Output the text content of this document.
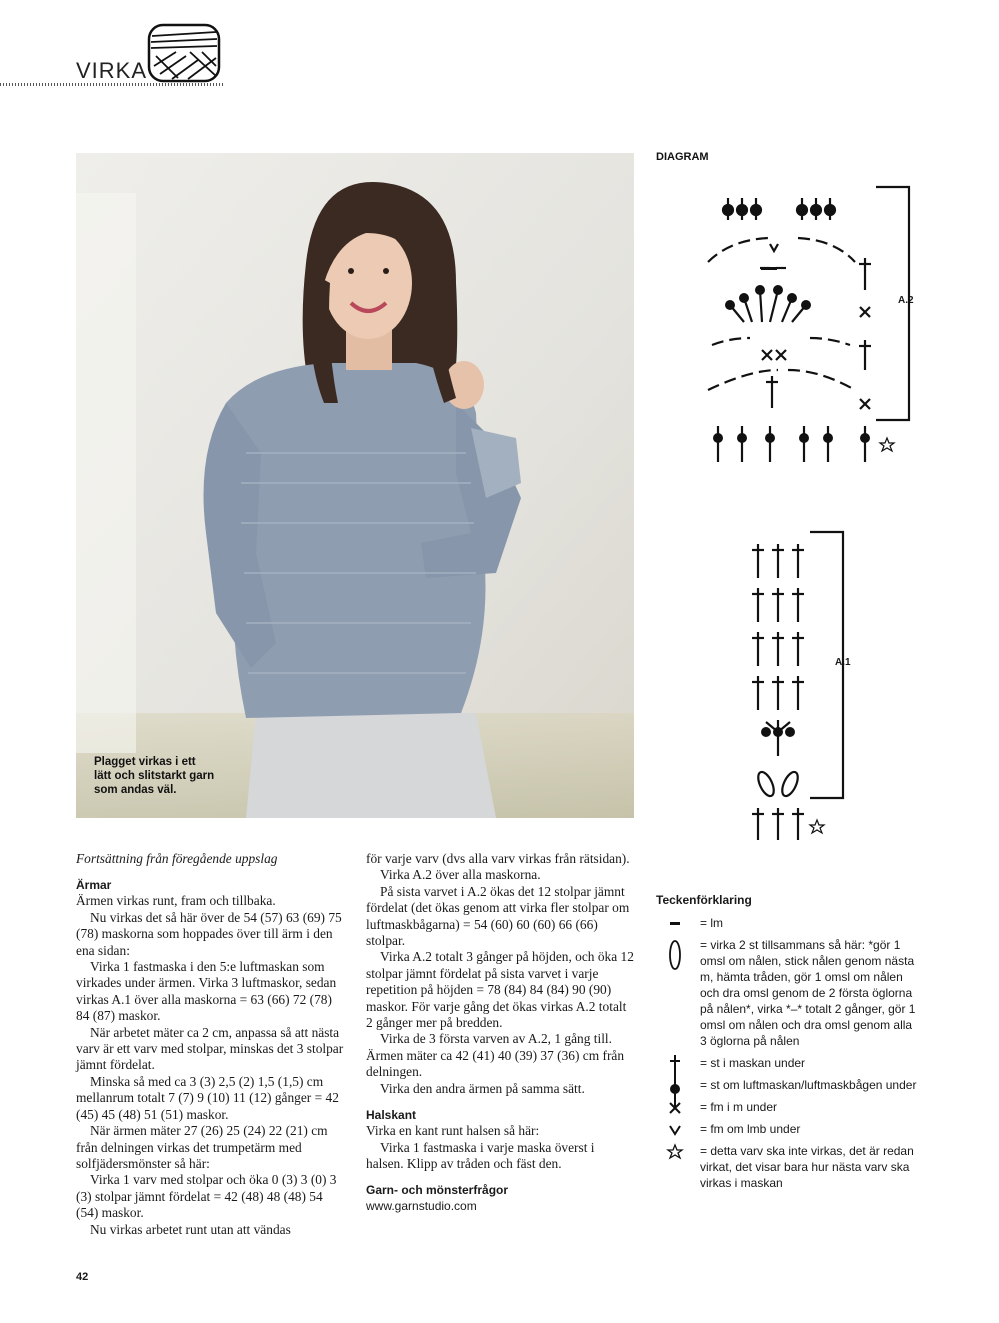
VIRKA
Plagget virkas i ett
lätt och slitstarkt garn
som andas väl.
DIAGRAM
A.2
A.1

Fortsättning från föregående uppslag

Ärmar

Ärmen virkas runt, fram och tillbaka.

Nu virkas det så här över de 54 (57) 63 (69) 75 (78) maskorna som hoppades över till ärm i den ena sidan:

Virka 1 fastmaska i den 5:e luftmaskan som virkades under ärmen. Virka 3 luftmaskor, sedan virkas A.1 över alla maskorna = 63 (66) 72 (78) 84 (87) maskor.

När arbetet mäter ca 2 cm, anpassa så att nästa varv är ett varv med stolpar, minskas det 3 stolpar jämnt fördelat.

Minska så med ca 3 (3) 2,5 (2) 1,5 (1,5) cm mellanrum totalt 7 (7) 9 (10) 11 (12) gånger = 42 (45) 45 (48) 51 (51) maskor.

När ärmen mäter 27 (26) 25 (24) 22 (21) cm från delningen virkas det trumpetärm med solfjädersmönster så här:

Virka 1 varv med stolpar och öka 0 (3) 3 (0) 3 (3) stolpar jämnt fördelat = 42 (48) 48 (48) 54 (54) maskor.

Nu virkas arbetet runt utan att vändas

för varje varv (dvs alla varv virkas från rätsidan).

Virka A.2 över alla maskorna.

På sista varvet i A.2 ökas det 12 stolpar jämnt fördelat (det ökas genom att virka fler stolpar om luftmaskbågarna) = 54 (60) 60 (60) 66 (66) stolpar.

Virka A.2 totalt 3 gånger på höjden, och öka 12 stolpar jämnt fördelat på sista varvet i varje repetition på höjden = 78 (84) 84 (84) 90 (90) maskor. För varje gång det ökas virkas A.2 totalt 2 gånger mer på bredden.

Virka de 3 första varven av A.2, 1 gång till. Ärmen mäter ca 42 (41) 40 (39) 37 (36) cm från delningen.

Virka den andra ärmen på samma sätt.

Halskant

Virka en kant runt halsen så här:

Virka 1 fastmaska i varje maska överst i halsen. Klipp av tråden och fäst den.

Garn- och mönsterfrågor

www.garnstudio.com

Teckenförklaring
= lm
= virka 2 st tillsammans så här: *gör 1 omsl om nålen, stick nålen genom nästa m, hämta tråden, gör 1 omsl om nålen och dra omsl genom de 2 första öglorna på nålen*, virka *–* totalt 2 gånger, gör 1 omsl om nålen och dra omsl genom alla 3 öglorna på nålen
= st i maskan under
= st om luftmaskan/luftmaskbågen under
= fm i m under
= fm om lmb under
= detta varv ska inte virkas, det är redan virkat, det visar bara hur nästa varv ska virkas i maskan
42
